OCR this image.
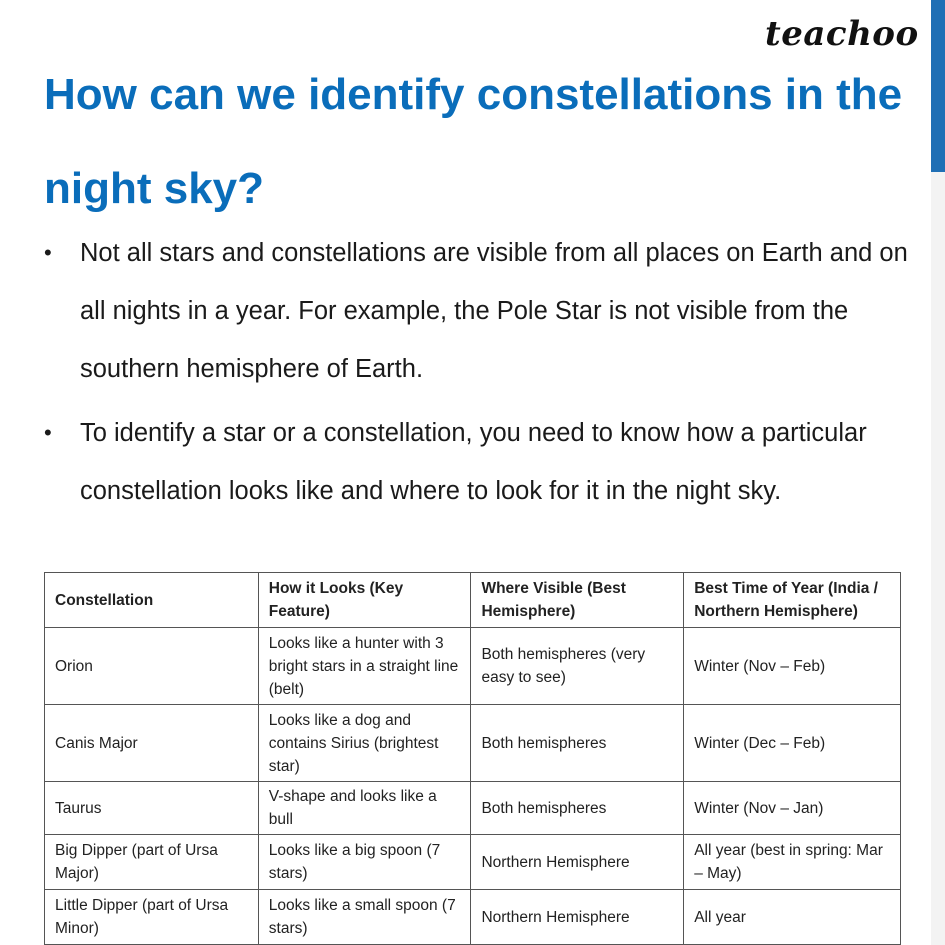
teachoo
How can we identify constellations in the night sky?
• Not all stars and constellations are visible from all places on Earth and on all nights in a year. For example, the Pole Star is not visible from the southern hemisphere of Earth.
• To identify a star or a constellation, you need to know how a particular constellation looks like and where to look for it in the night sky.
Constellation	How it Looks (Key Feature)	Where Visible (Best Hemisphere)	Best Time of Year (India / Northern Hemisphere)
Orion	Looks like a hunter with 3 bright stars in a straight line (belt)	Both hemispheres (very easy to see)	Winter (Nov – Feb)
Canis Major	Looks like a dog and contains Sirius (brightest star)	Both hemispheres	Winter (Dec – Feb)
Taurus	V-shape and looks like a bull	Both hemispheres	Winter (Nov – Jan)
Big Dipper (part of Ursa Major)	Looks like a big spoon (7 stars)	Northern Hemisphere	All year (best in spring: Mar – May)
Little Dipper (part of Ursa Minor)	Looks like a small spoon (7 stars)	Northern Hemisphere	All year
